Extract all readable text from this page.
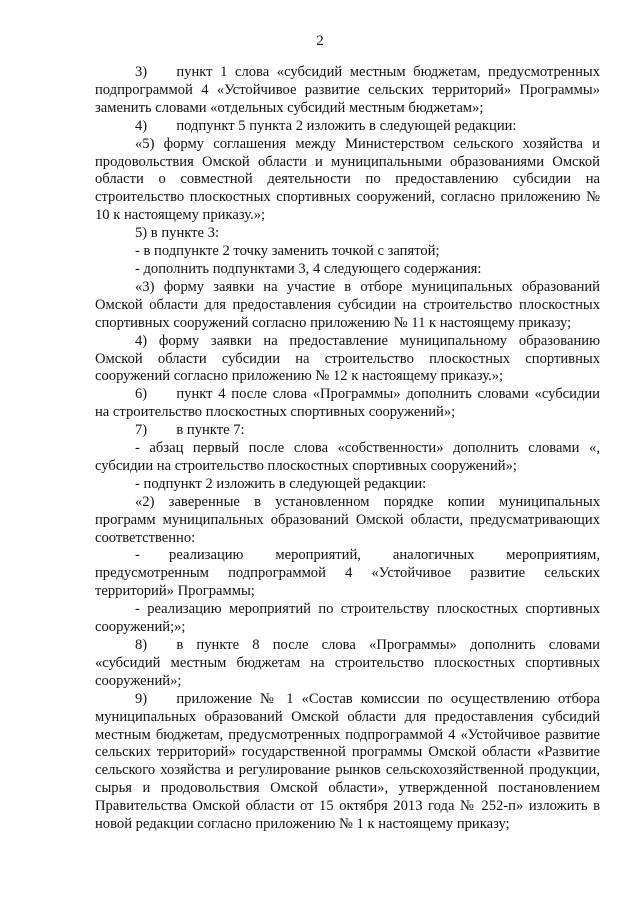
2

3)  пункт 1 слова «субсидий местным бюджетам, предусмотренных подпрограммой 4 «Устойчивое развитие сельских территорий» Программы» заменить словами «отдельных субсидий местным бюджетам»;

4)  подпункт 5 пункта 2 изложить в следующей редакции:

«5) форму соглашения между Министерством сельского хозяйства и продовольствия Омской области и муниципальными образованиями Омской области о совместной деятельности по предоставлению субсидии на строительство плоскостных спортивных сооружений, согласно приложению № 10 к настоящему приказу.»;

5) в пункте 3:

- в подпункте 2 точку заменить точкой с запятой;

- дополнить подпунктами 3, 4 следующего содержания:

«3) форму заявки на участие в отборе муниципальных образований Омской области для предоставления субсидии на строительство плоскостных спортивных сооружений согласно приложению № 11 к настоящему приказу;

4) форму заявки на предоставление муниципальному образованию Омской области субсидии на строительство плоскостных спортивных сооружений согласно приложению № 12 к настоящему приказу.»;

6)  пункт 4 после слова «Программы» дополнить словами «субсидии на строительство плоскостных спортивных сооружений»;

7)  в пункте 7:

- абзац первый после слова «собственности» дополнить словами «, субсидии на строительство плоскостных спортивных сооружений»;

- подпункт 2 изложить в следующей редакции:

«2) заверенные в установленном порядке копии муниципальных программ муниципальных образований Омской области, предусматривающих соответственно:

-  реализацию мероприятий, аналогичных мероприятиям, предусмотренным подпрограммой 4 «Устойчивое развитие сельских территорий» Программы;

- реализацию мероприятий по строительству плоскостных спортивных сооружений;»;

8)  в пункте 8 после слова «Программы» дополнить словами «субсидий местным бюджетам на строительство плоскостных спортивных сооружений»;

9)  приложение № 1 «Состав комиссии по осуществлению отбора муниципальных образований Омской области для предоставления субсидий местным бюджетам, предусмотренных подпрограммой 4 «Устойчивое развитие сельских территорий» государственной программы Омской области «Развитие сельского хозяйства и регулирование рынков сельскохозяйственной продукции, сырья и продовольствия Омской области», утвержденной постановлением Правительства Омской области от 15 октября 2013 года № 252-п» изложить в новой редакции согласно приложению № 1 к настоящему приказу;
